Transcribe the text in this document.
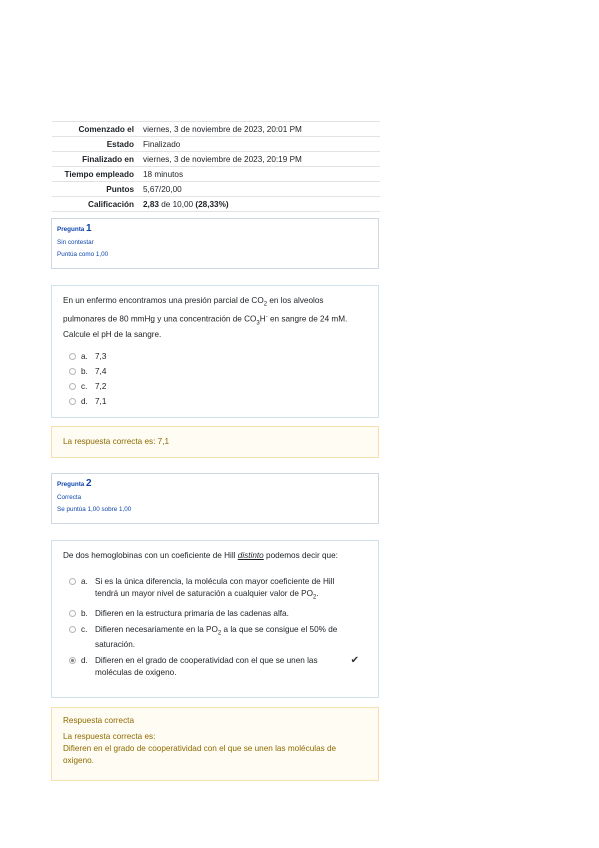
Comenzado el	viernes, 3 de noviembre de 2023, 20:01 PM
Estado	Finalizado
Finalizado en	viernes, 3 de noviembre de 2023, 20:19 PM
Tiempo empleado	18 minutos
Puntos	5,67/20,00
Calificación	2,83 de 10,00 (28,33%)
Pregunta 1
Sin contestar
Puntúa como 1,00
En un enfermo encontramos una presión parcial de $CO_2$ en los alveolos pulmonares de 80 mmHg y una concentración de $CO_3H^-$ en sangre de 24 mM. Calcule el pH de la sangre.
a. 7,3
b. 7,4
c. 7,2
d. 7,1
La respuesta correcta es: 7,1
Pregunta 2
Correcta
Se puntúa 1,00 sobre 1,00
De dos hemoglobinas con un coeficiente de Hill distinto podemos decir que:
a. Si es la única diferencia, la molécula con mayor coeficiente de Hill tendrá un mayor nivel de saturación a cualquier valor de $PO_2$.
b. Difieren en la estructura primaria de las cadenas alfa.
c. Difieren necesariamente en la $PO_2$ a la que se consigue el 50% de saturación.
d. Difieren en el grado de cooperatividad con el que se unen las moléculas de oxigeno.
✔
Respuesta correcta
La respuesta correcta es:
Difieren en el grado de cooperatividad con el que se unen las moléculas de oxigeno.
